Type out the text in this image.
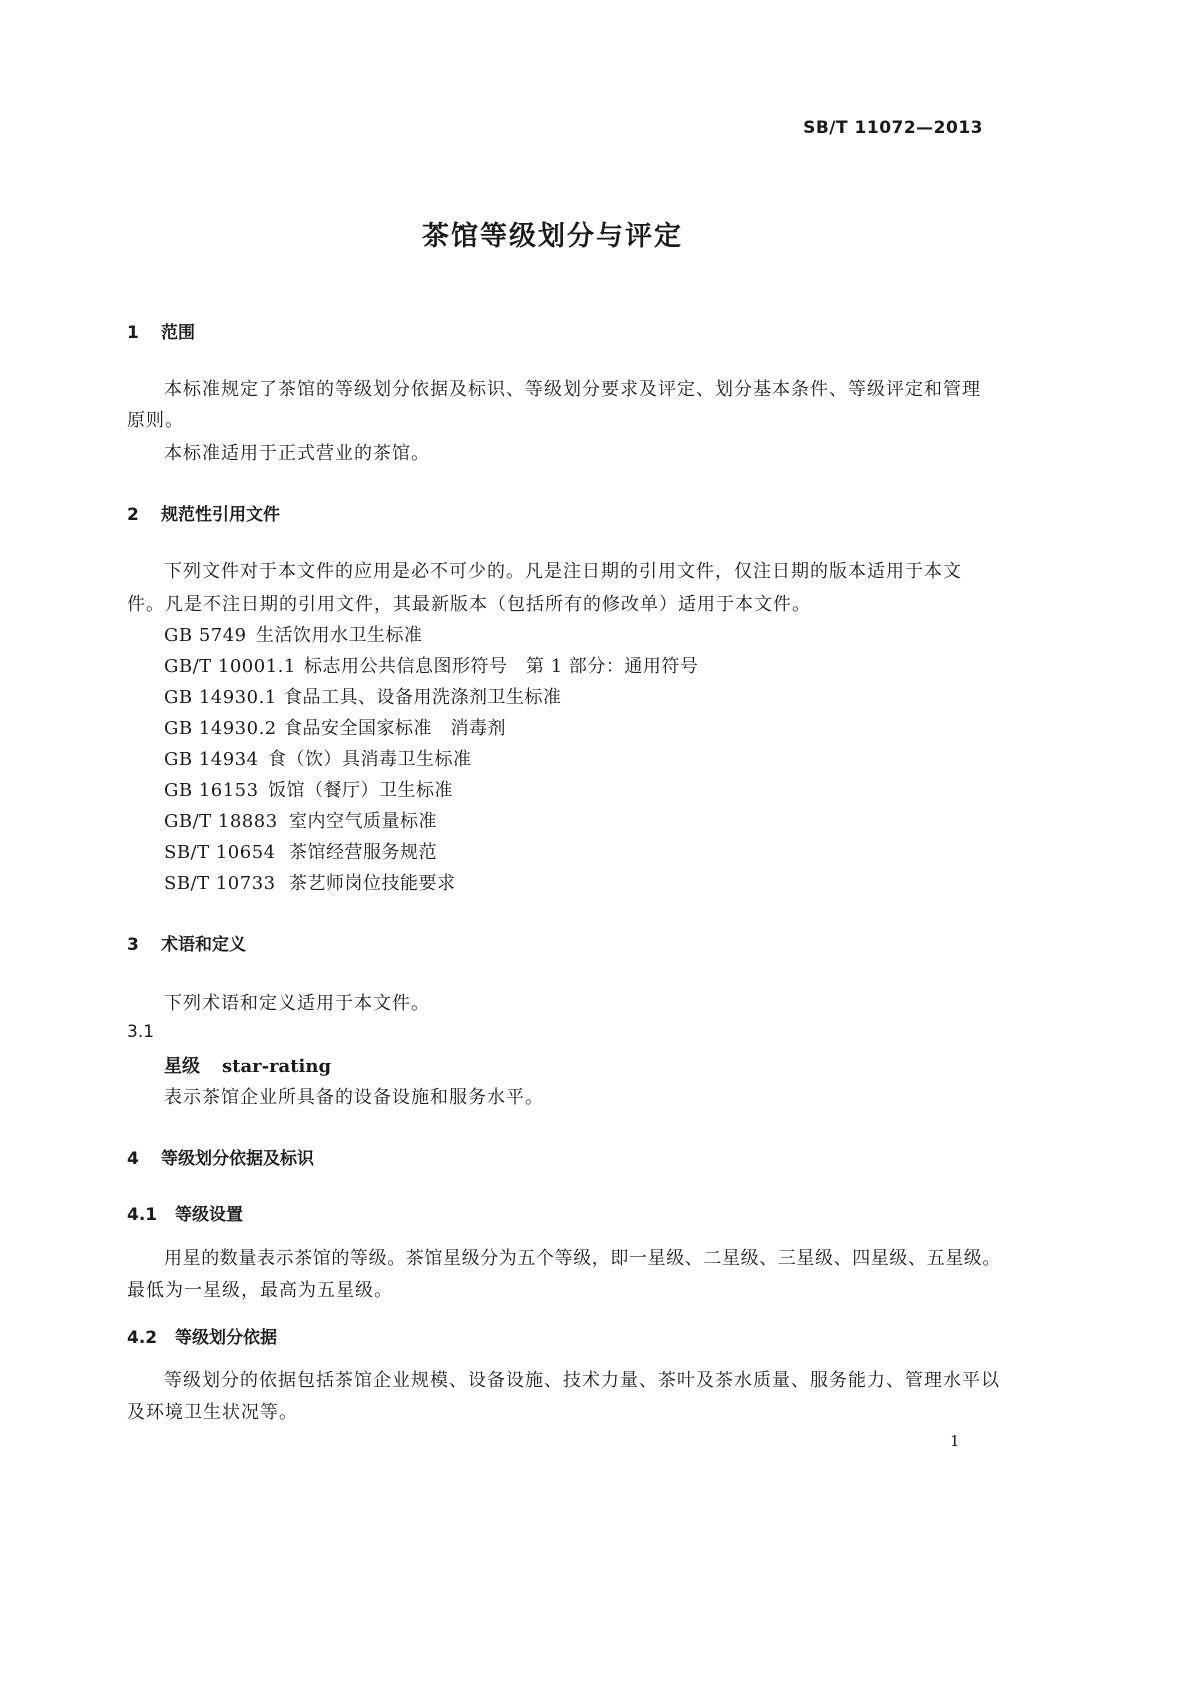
SB/T 11072—2013
茶馆等级划分与评定
1 范围
本标准规定了茶馆的等级划分依据及标识、等级划分要求及评定、划分基本条件、等级评定和管理
原则。
本标准适用于正式营业的茶馆。
2 规范性引用文件
下列文件对于本文件的应用是必不可少的。凡是注日期的引用文件，仅注日期的版本适用于本文
件。凡是不注日期的引用文件，其最新版本（包括所有的修改单）适用于本文件。
GB 5749 生活饮用水卫生标准
GB/T 10001.1 标志用公共信息图形符号　第 1 部分：通用符号
GB 14930.1 食品工具、设备用洗涤剂卫生标准
GB 14930.2 食品安全国家标准　消毒剂
GB 14934 食（饮）具消毒卫生标准
GB 16153 饭馆（餐厅）卫生标准
GB/T 18883 室内空气质量标准
SB/T 10654 茶馆经营服务规范
SB/T 10733 茶艺师岗位技能要求
3 术语和定义
下列术语和定义适用于本文件。
3.1
星级 star-rating
表示茶馆企业所具备的设备设施和服务水平。
4 等级划分依据及标识
4.1 等级设置
用星的数量表示茶馆的等级。茶馆星级分为五个等级，即一星级、二星级、三星级、四星级、五星级。
最低为一星级，最高为五星级。
4.2 等级划分依据
等级划分的依据包括茶馆企业规模、设备设施、技术力量、茶叶及茶水质量、服务能力、管理水平以
及环境卫生状况等。
1
